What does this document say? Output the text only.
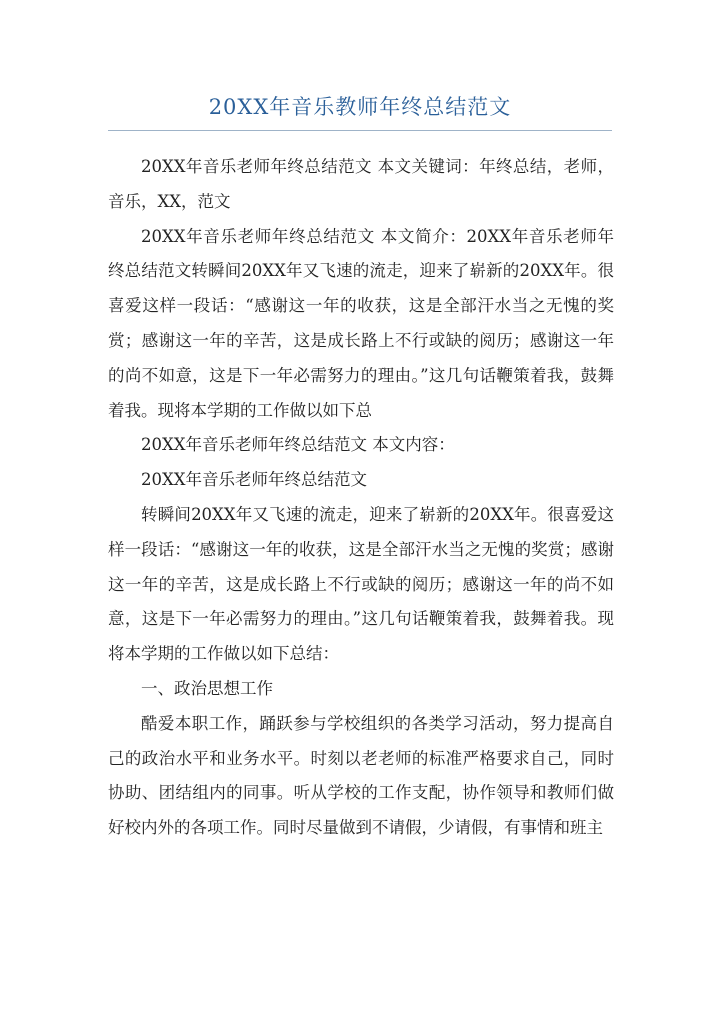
20XX年音乐教师年终总结范文

20XX年音乐老师年终总结范文 本文关键词：年终总结，老师，音乐，XX，范文

20XX年音乐老师年终总结范文 本文简介：20XX年音乐老师年终总结范文转瞬间20XX年又飞速的流走，迎来了崭新的20XX年。很喜爱这样一段话：“感谢这一年的收获，这是全部汗水当之无愧的奖赏；感谢这一年的辛苦，这是成长路上不行或缺的阅历；感谢这一年的尚不如意，这是下一年必需努力的理由。”这几句话鞭策着我，鼓舞着我。现将本学期的工作做以如下总

20XX年音乐老师年终总结范文 本文内容：

20XX年音乐老师年终总结范文

转瞬间20XX年又飞速的流走，迎来了崭新的20XX年。很喜爱这样一段话：“感谢这一年的收获，这是全部汗水当之无愧的奖赏；感谢这一年的辛苦，这是成长路上不行或缺的阅历；感谢这一年的尚不如意，这是下一年必需努力的理由。”这几句话鞭策着我，鼓舞着我。现将本学期的工作做以如下总结：

一、政治思想工作

酷爱本职工作，踊跃参与学校组织的各类学习活动，努力提高自己的政治水平和业务水平。时刻以老老师的标准严格要求自己，同时协助、团结组内的同事。听从学校的工作支配，协作领导和教师们做好校内外的各项工作。同时尽量做到不请假，少请假，有事情和班主
